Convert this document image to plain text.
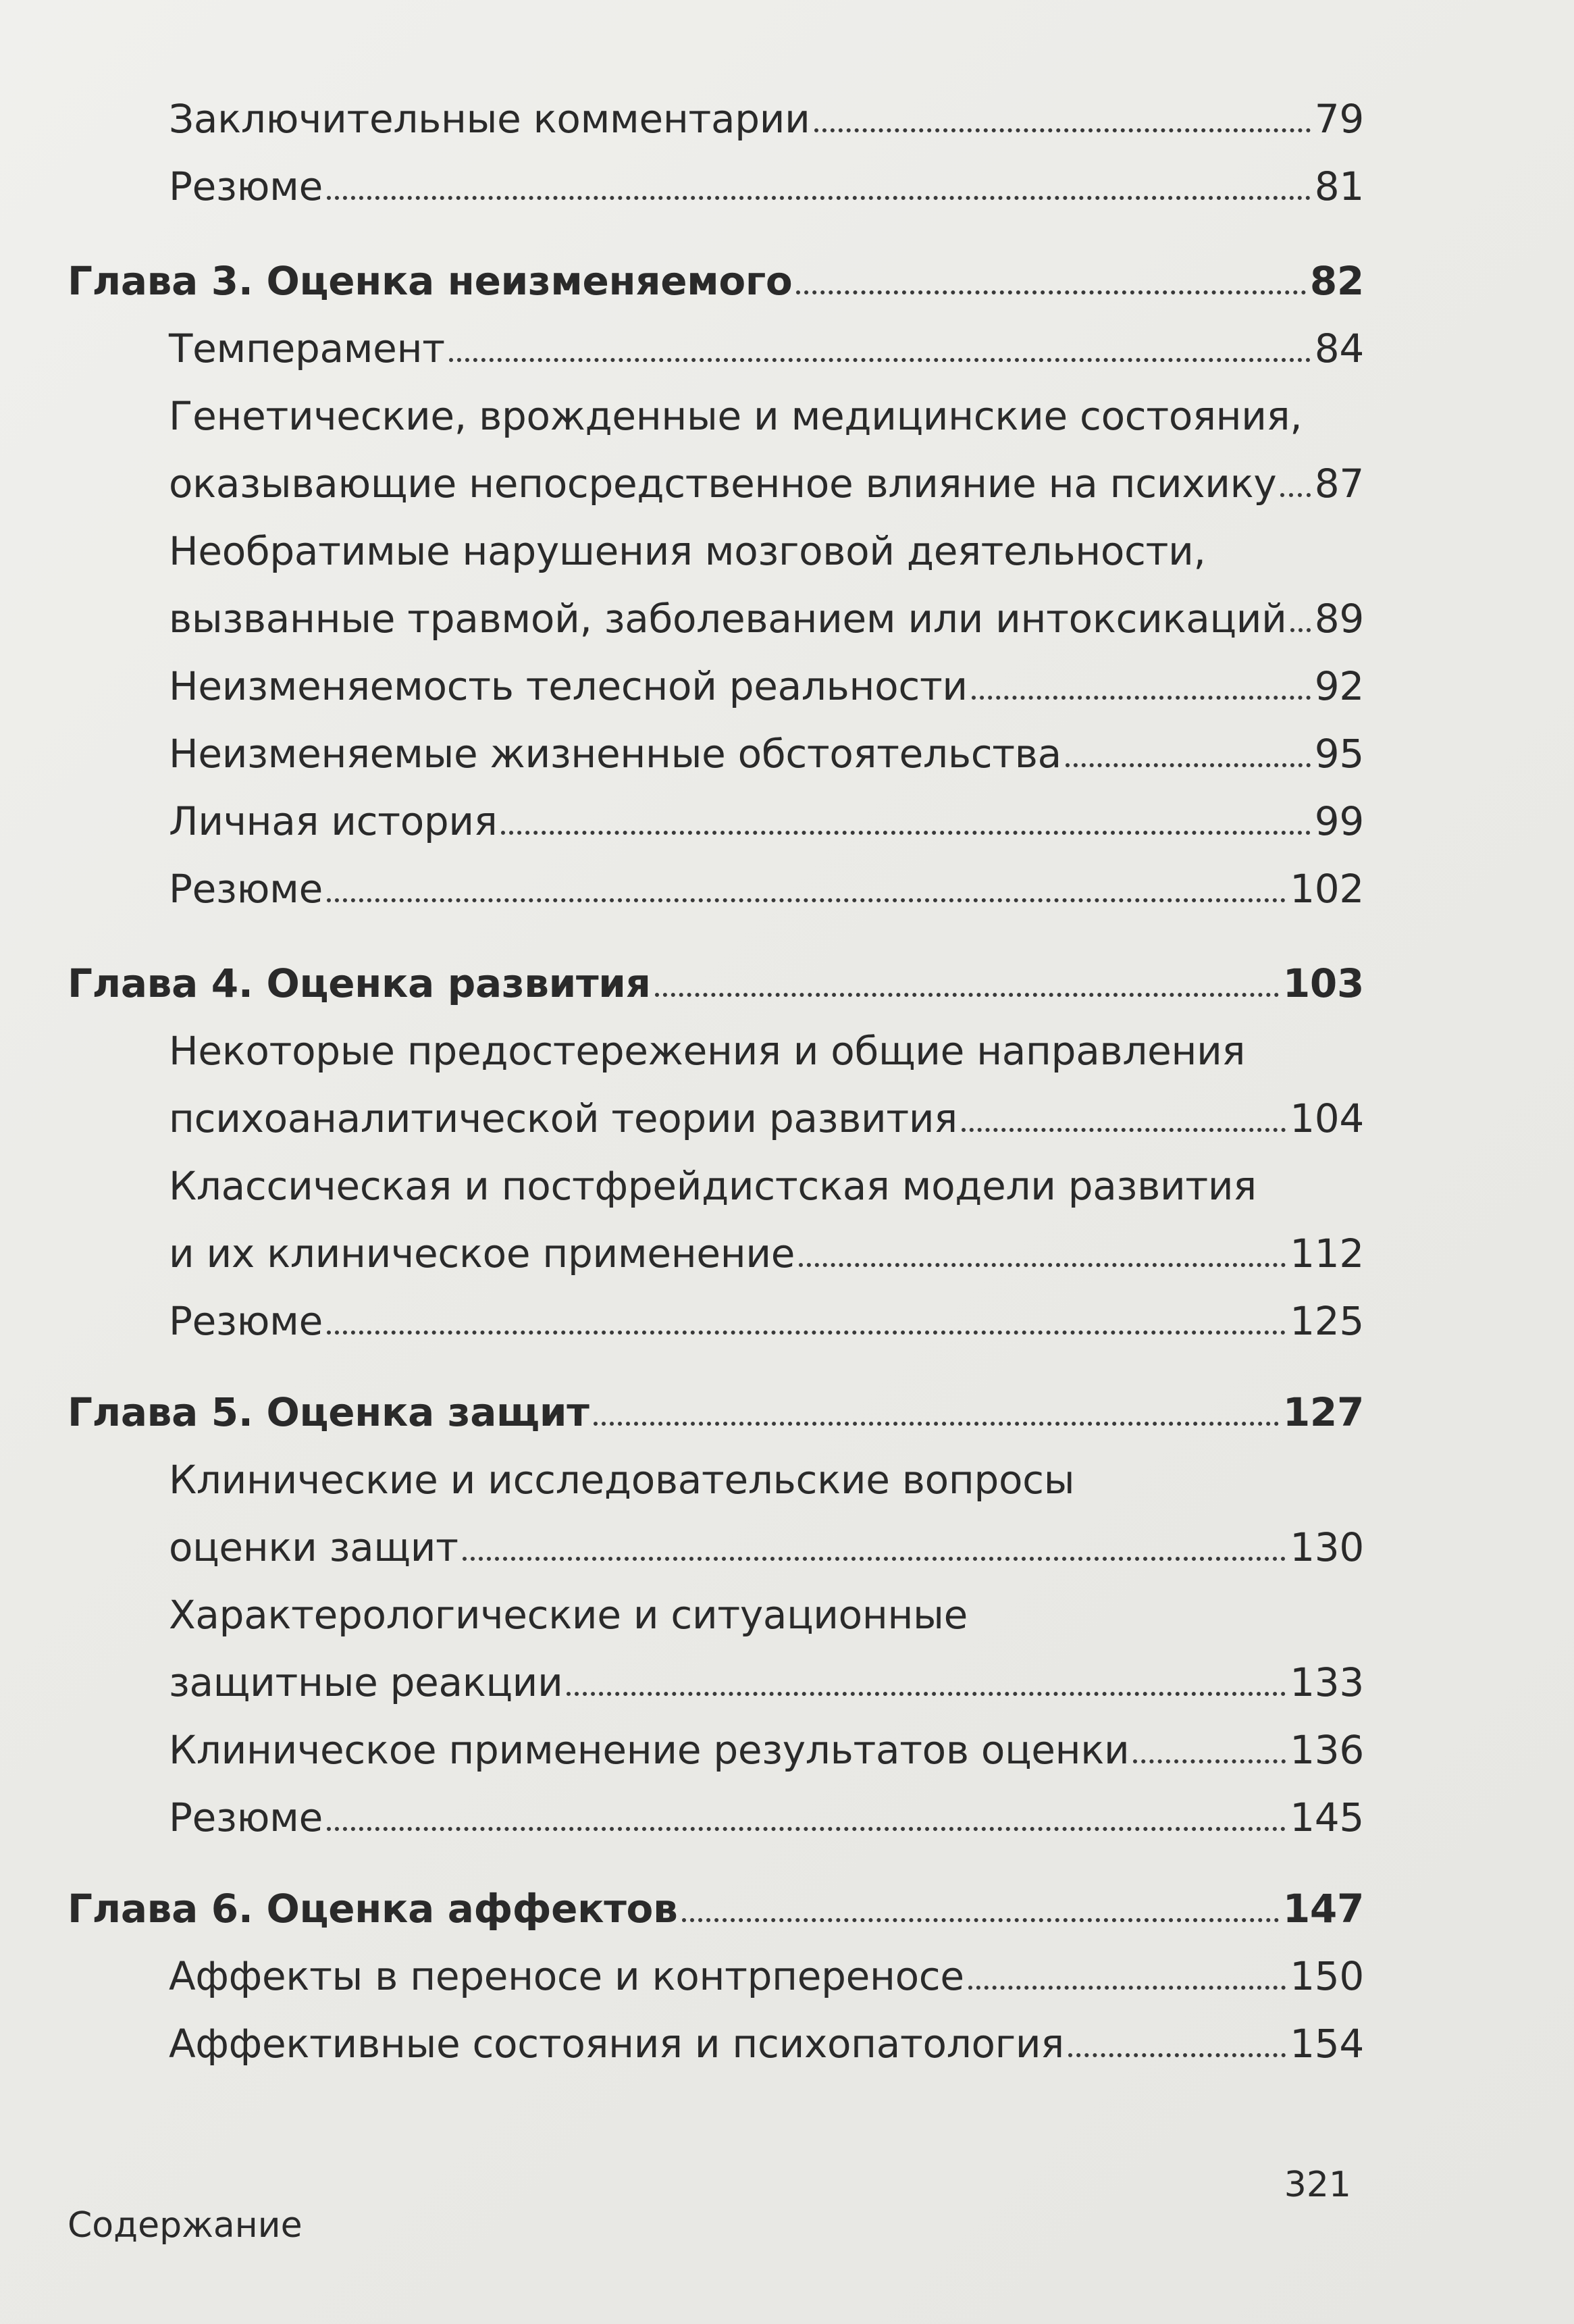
Заключительные комментарии	79
Резюме	81
Глава 3. Оценка неизменяемого	82
Темперамент	84
Генетические, врожденные и медицинские состояния,
оказывающие непосредственное влияние на психику 87
Необратимые нарушения мозговой деятельности,
вызванные травмой, заболеванием или интоксикаций 89
Неизменяемость телесной реальности	92
Неизменяемые жизненные обстоятельства	95
Личная история	99
Резюме	102
Глава 4. Оценка развития	103
Некоторые предостережения и общие направления
психоаналитической теории развития	104
Классическая и постфрейдистская модели развития
и их клиническое применение	112
Резюме	125
Глава 5. Оценка защит	127
Клинические и исследовательские вопросы
оценки защит	130
Характерологические и ситуационные
защитные реакции	133
Клиническое применение результатов оценки	136
Резюме	145
Глава 6. Оценка аффектов	147
Аффекты в переносе и контрпереносе	150
Аффективные состояния и психопатология	154
321
Содержание
